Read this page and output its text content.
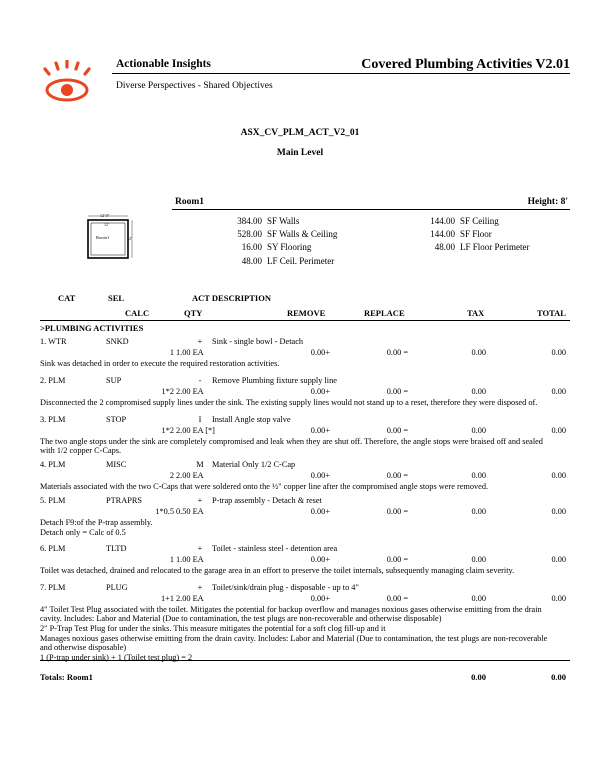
Actionable Insights
Diverse Perspectives - Shared Objectives
Covered Plumbing Activities V2.01
ASX_CV_PLM_ACT_V2_01
Main Level
Room1	Height: 8'
12' 0"
12'
Room1	12'
384.00 SF Walls
528.00 SF Walls & Ceiling
16.00 SY Flooring
48.00 LF Ceil. Perimeter
144.00 SF Ceiling
144.00 SF Floor
48.00 LF Floor Perimeter
CAT	SEL	ACT DESCRIPTION
CALC	QTY	REMOVE	REPLACE	TAX	TOTAL
>PLUMBING ACTIVITIES
1. WTR	SNKD	+	Sink - single bowl - Detach
1 1.00 EA	0.00+	0.00 =	0.00	0.00
Sink was detached in order to execute the required restoration activities.
2. PLM	SUP	-	Remove Plumbing fixture supply line
1*2 2.00 EA	0.00+	0.00 =	0.00	0.00
Disconnected the 2 compromised supply lines under the sink. The existing supply lines would not stand up to a reset, therefore they were disposed of.
3. PLM	STOP	I	Install Angle stop valve
1*2 2.00 EA [*]	0.00+	0.00 =	0.00	0.00
The two angle stops under the sink are completely compromised and leak when they are shut off. Therefore, the angle stops were braised off and sealed with 1/2 copper C-Caps.
4. PLM	MISC	M Material Only 1/2 C-Cap
2 2.00 EA	0.00+	0.00 =	0.00	0.00
Materials associated with the two C-Caps that were soldered onto the ½" copper line after the compromised angle stops were removed.
5. PLM	PTRAPRS	+	P-trap assembly - Detach & reset
1*0.5 0.50 EA	0.00+	0.00 =	0.00	0.00
Detach F9:of the P-trap assembly.
Detach only = Calc of 0.5
6. PLM	TLTD	+	Toilet - stainless steel - detention area
1 1.00 EA	0.00+	0.00 =	0.00	0.00
Toilet was detached, drained and relocated to the garage area in an effort to preserve the toilet internals, subsequently managing claim severity.
7. PLM	PLUG	+	Toilet/sink/drain plug - disposable - up to 4"
1+1 2.00 EA	0.00+	0.00 =	0.00	0.00
4" Toilet Test Plug associated with the toilet. Mitigates the potential for backup overflow and manages noxious gases otherwise emitting from the drain cavity. Includes: Labor and Material (Due to contamination, the test plugs are non-recoverable and otherwise disposable)
2" P-Trap Test Plug for under the sinks. This measure mitigates the potential for a soft clog fill-up and it
Manages noxious gases otherwise emitting from the drain cavity. Includes: Labor and Material (Due to contamination, the test plugs are non-recoverable and otherwise disposable)
1 (P-trap under sink) + 1 (Toilet test plug) = 2
Totals: Room1	0.00	0.00
